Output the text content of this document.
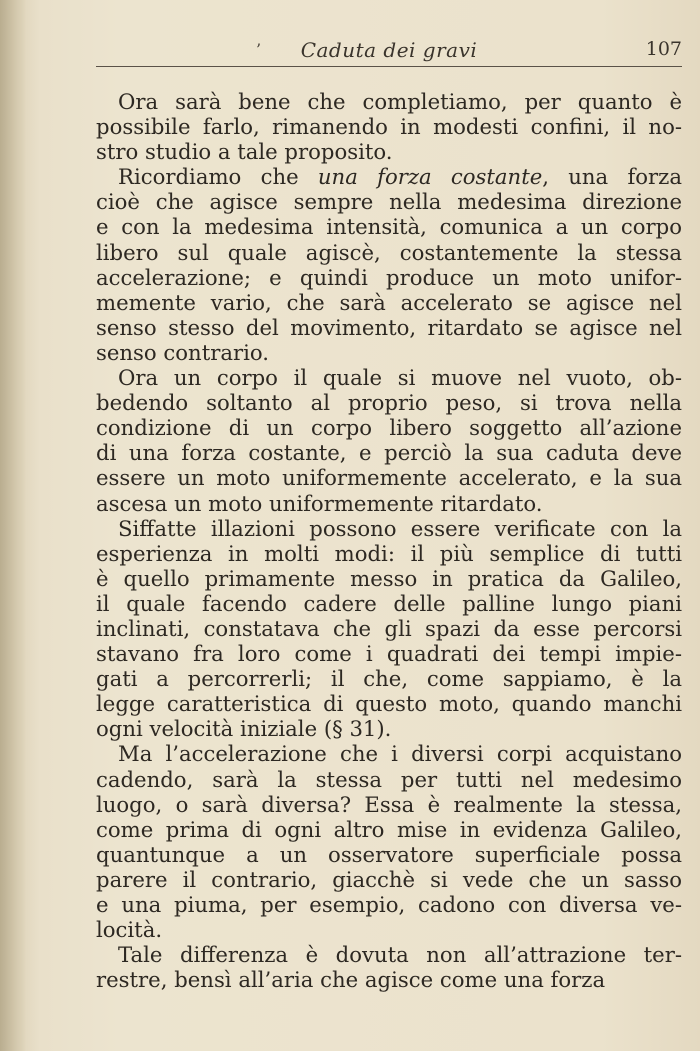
’	Caduta dei gravi	107
Ora sarà bene che completiamo, per quanto è
possibile farlo, rimanendo in modesti confini, il no-
stro studio a tale proposito.
Ricordiamo che una forza costante, una forza
cioè che agisce sempre nella medesima direzione
e con la medesima intensità, comunica a un corpo
libero sul quale agiscè, costantemente la stessa
accelerazione; e quindi produce un moto unifor-
memente vario, che sarà accelerato se agisce nel
senso stesso del movimento, ritardato se agisce nel
senso contrario.
Ora un corpo il quale si muove nel vuoto, ob-
bedendo soltanto al proprio peso, si trova nella
condizione di un corpo libero soggetto all’azione
di una forza costante, e perciò la sua caduta deve
essere un moto uniformemente accelerato, e la sua
ascesa un moto uniformemente ritardato.
Siffatte illazioni possono essere verificate con la
esperienza in molti modi: il più semplice di tutti
è quello primamente messo in pratica da Galileo,
il quale facendo cadere delle palline lungo piani
inclinati, constatava che gli spazi da esse percorsi
stavano fra loro come i quadrati dei tempi impie-
gati a percorrerli; il che, come sappiamo, è la
legge caratteristica di questo moto, quando manchi
ogni velocità iniziale (§ 31).
Ma l’accelerazione che i diversi corpi acquistano
cadendo, sarà la stessa per tutti nel medesimo
luogo, o sarà diversa? Essa è realmente la stessa,
come prima di ogni altro mise in evidenza Galileo,
quantunque a un osservatore superficiale possa
parere il contrario, giacchè si vede che un sasso
e una piuma, per esempio, cadono con diversa ve-
locità.
Tale differenza è dovuta non all’attrazione ter-
restre, bensì all’aria che agisce come una forza
